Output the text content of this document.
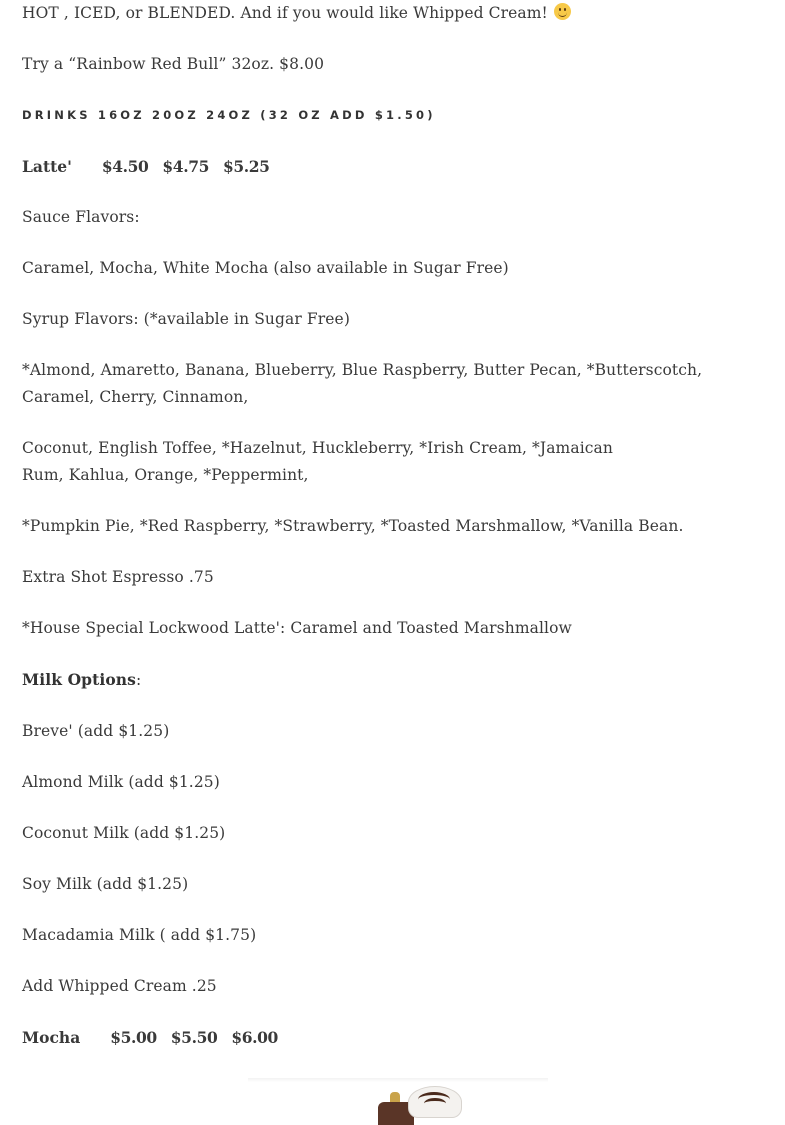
HOT , ICED, or BLENDED. And if you would like Whipped Cream!

Try a “Rainbow Red Bull” 32oz. $8.00

DRINKS 16OZ 20OZ 24OZ (32 OZ ADD $1.50)

Latte' $4.50 $4.75 $5.25

Sauce Flavors:

Caramel, Mocha, White Mocha (also available in Sugar Free)

Syrup Flavors: (*available in Sugar Free)

*Almond, Amaretto, Banana, Blueberry, Blue Raspberry, Butter Pecan, *Butterscotch, Caramel, Cherry, Cinnamon,

Coconut, English Toffee, *Hazelnut, Huckleberry, *Irish Cream, *Jamaican

Rum, Kahlua, Orange, *Peppermint,

*Pumpkin Pie, *Red Raspberry, *Strawberry, *Toasted Marshmallow, *Vanilla Bean.

Extra Shot Espresso .75

*House Special Lockwood Latte': Caramel and Toasted Marshmallow

Milk Options:

Breve' (add $1.25)

Almond Milk (add $1.25)

Coconut Milk (add $1.25)

Soy Milk (add $1.25)

Macadamia Milk ( add $1.75)

Add Whipped Cream .25

Mocha $5.00 $5.50 $6.00
